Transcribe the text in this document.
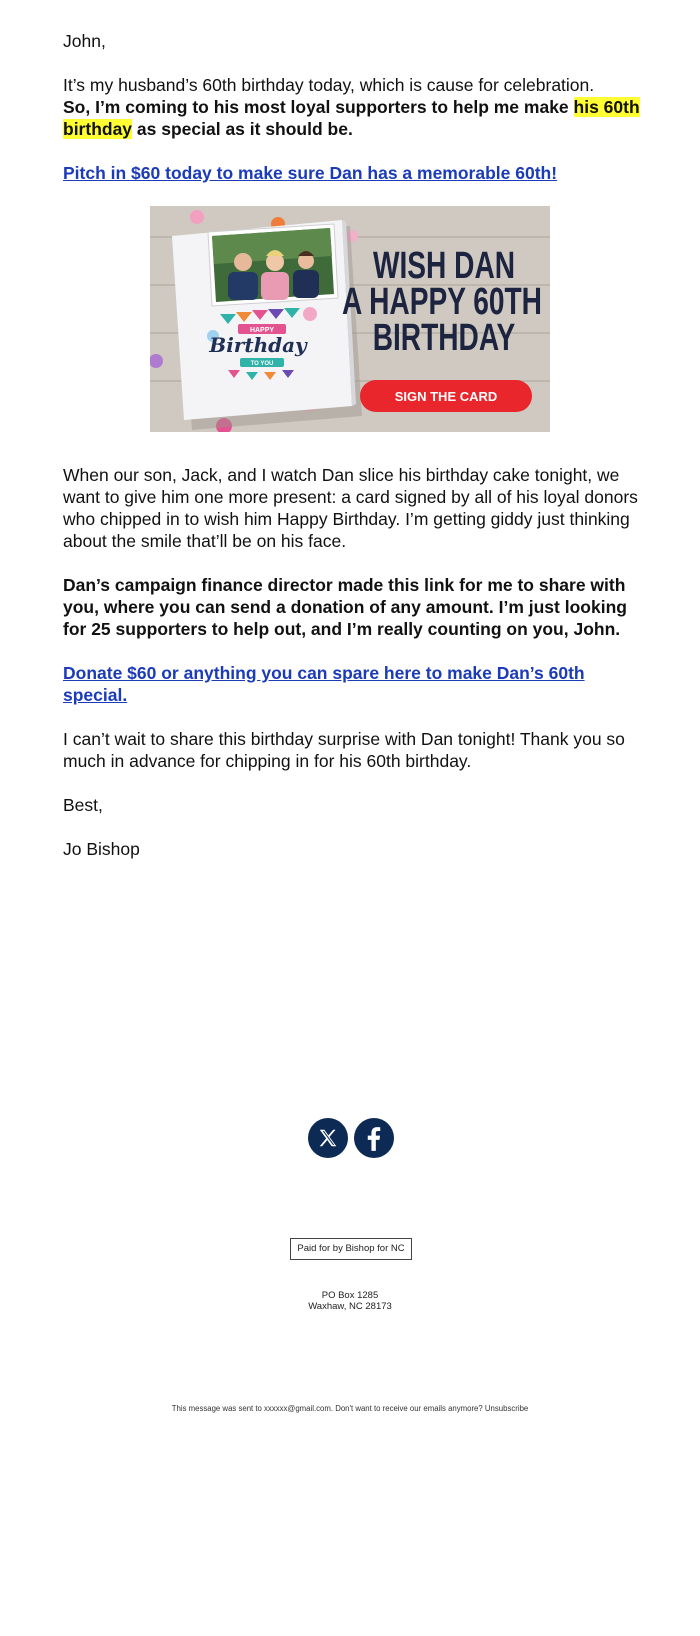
John,

It’s my husband’s 60th birthday today, which is cause for celebration.
So, I’m coming to his most loyal supporters to help me make his 60th birthday as special as it should be.

Pitch in $60 today to make sure Dan has a memorable 60th!

When our son, Jack, and I watch Dan slice his birthday cake tonight, we want to give him one more present: a card signed by all of his loyal donors who chipped in to wish him Happy Birthday. I’m getting giddy just thinking about the smile that’ll be on his face.

Dan’s campaign finance director made this link for me to share with you, where you can send a donation of any amount. I’m just looking for 25 supporters to help out, and I’m really counting on you, John.

Donate $60 or anything you can spare here to make Dan’s 60th special.

I can’t wait to share this birthday surprise with Dan tonight! Thank you so much in advance for chipping in for his 60th birthday.

Best,

Jo Bishop

HAPPY
Birthday
TO YOU
WISH DAN
A HAPPY 60TH
BIRTHDAY
SIGN THE CARD
Paid for by Bishop for NC
PO Box 1285
Waxhaw, NC 28173
This message was sent to xxxxxx@gmail.com. Don't want to receive our emails anymore? Unsubscribe
